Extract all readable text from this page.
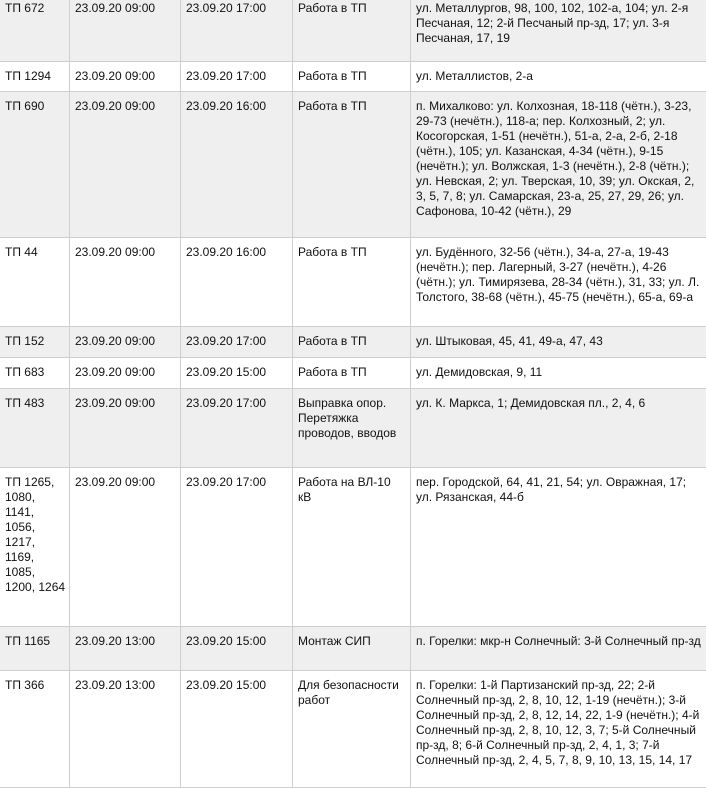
ТП 672	23.09.20 09:00	23.09.20 17:00	Работа в ТП	ул. Металлургов, 98, 100, 102, 102-а, 104; ул. 2-я Песчаная, 12; 2-й Песчаный пр-зд, 17; ул. 3-я Песчаная, 17, 19
ТП 1294	23.09.20 09:00	23.09.20 17:00	Работа в ТП	ул. Металлистов, 2-а
ТП 690	23.09.20 09:00	23.09.20 16:00	Работа в ТП	п. Михалково: ул. Колхозная, 18-118 (чётн.), 3-23, 29-73 (нечётн.), 118-а; пер. Колхозный, 2; ул. Косогорская, 1-51 (нечётн.), 51-а, 2-а, 2-б, 2-18 (чётн.), 105; ул. Казанская, 4-34 (чётн.), 9-15 (нечётн.); ул. Волжская, 1-3 (нечётн.), 2-8 (чётн.); ул. Невская, 2; ул. Тверская, 10, 39; ул. Окская, 2, 3, 5, 7, 8; ул. Самарская, 23-а, 25, 27, 29, 26; ул. Сафонова, 10-42 (чётн.), 29
ТП 44	23.09.20 09:00	23.09.20 16:00	Работа в ТП	ул. Будённого, 32-56 (чётн.), 34-а, 27-а, 19-43 (нечётн.); пер. Лагерный, 3-27 (нечётн.), 4-26 (чётн.); ул. Тимирязева, 28-34 (чётн.), 31, 33; ул. Л. Толстого, 38-68 (чётн.), 45-75 (нечётн.), 65-а, 69-а
ТП 152	23.09.20 09:00	23.09.20 17:00	Работа в ТП	ул. Штыковая, 45, 41, 49-а, 47, 43
ТП 683	23.09.20 09:00	23.09.20 15:00	Работа в ТП	ул. Демидовская, 9, 11
ТП 483	23.09.20 09:00	23.09.20 17:00	Выправка опор. Перетяжка проводов, вводов	ул. К. Маркса, 1; Демидовская пл., 2, 4, 6
ТП 1265, 1080, 1141, 1056, 1217, 1169, 1085, 1200, 1264	23.09.20 09:00	23.09.20 17:00	Работа на ВЛ-10 кВ	пер. Городской, 64, 41, 21, 54; ул. Овражная, 17; ул. Рязанская, 44-б
ТП 1165	23.09.20 13:00	23.09.20 15:00	Монтаж СИП	п. Горелки: мкр-н Солнечный: 3-й Солнечный пр-зд
ТП 366	23.09.20 13:00	23.09.20 15:00	Для безопасности работ	п. Горелки: 1-й Партизанский пр-зд, 22; 2-й Солнечный пр-зд, 2, 8, 10, 12, 1-19 (нечётн.); 3-й Солнечный пр-зд, 2, 8, 12, 14, 22, 1-9 (нечётн.); 4-й Солнечный пр-зд, 2, 8, 10, 12, 3, 7; 5-й Солнечный пр-зд, 8; 6-й Солнечный пр-зд, 2, 4, 1, 3; 7-й Солнечный пр-зд, 2, 4, 5, 7, 8, 9, 10, 13, 15, 14, 17
